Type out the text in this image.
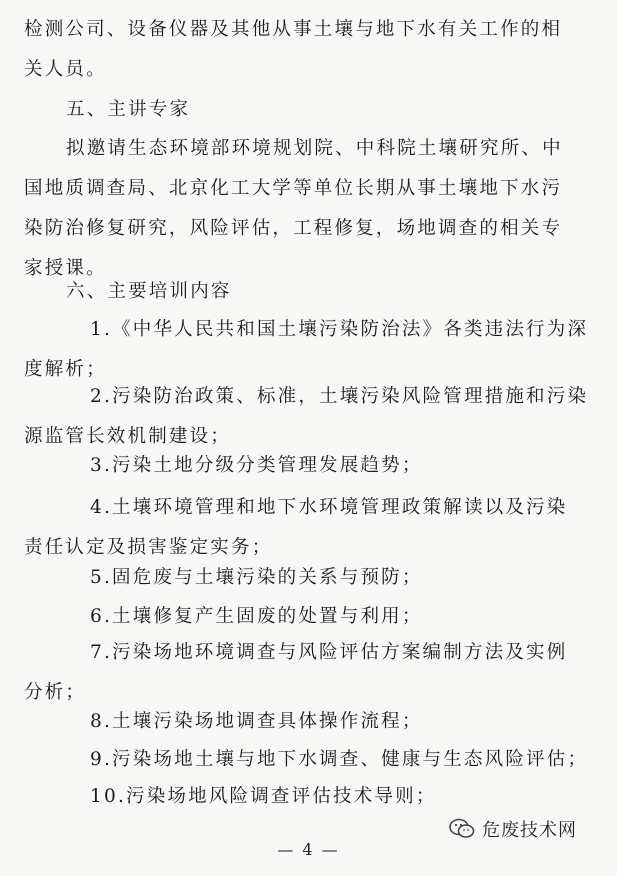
检测公司、设备仪器及其他从事土壤与地下水有关工作的相
关人员。
五、主讲专家
拟邀请生态环境部环境规划院、中科院土壤研究所、中
国地质调查局、北京化工大学等单位长期从事土壤地下水污
染防治修复研究，风险评估，工程修复，场地调查的相关专
家授课。
六、主要培训内容
1.《中华人民共和国土壤污染防治法》各类违法行为深
度解析；
2.污染防治政策、标准，土壤污染风险管理措施和污染
源监管长效机制建设；
3.污染土地分级分类管理发展趋势；
4.土壤环境管理和地下水环境管理政策解读以及污染
责任认定及损害鉴定实务；
5.固危废与土壤污染的关系与预防；
6.土壤修复产生固废的处置与利用；
7.污染场地环境调查与风险评估方案编制方法及实例
分析；
8.土壤污染场地调查具体操作流程；
9.污染场地土壤与地下水调查、健康与生态风险评估；
10.污染场地风险调查评估技术导则；
危废技术网
— 4 —
